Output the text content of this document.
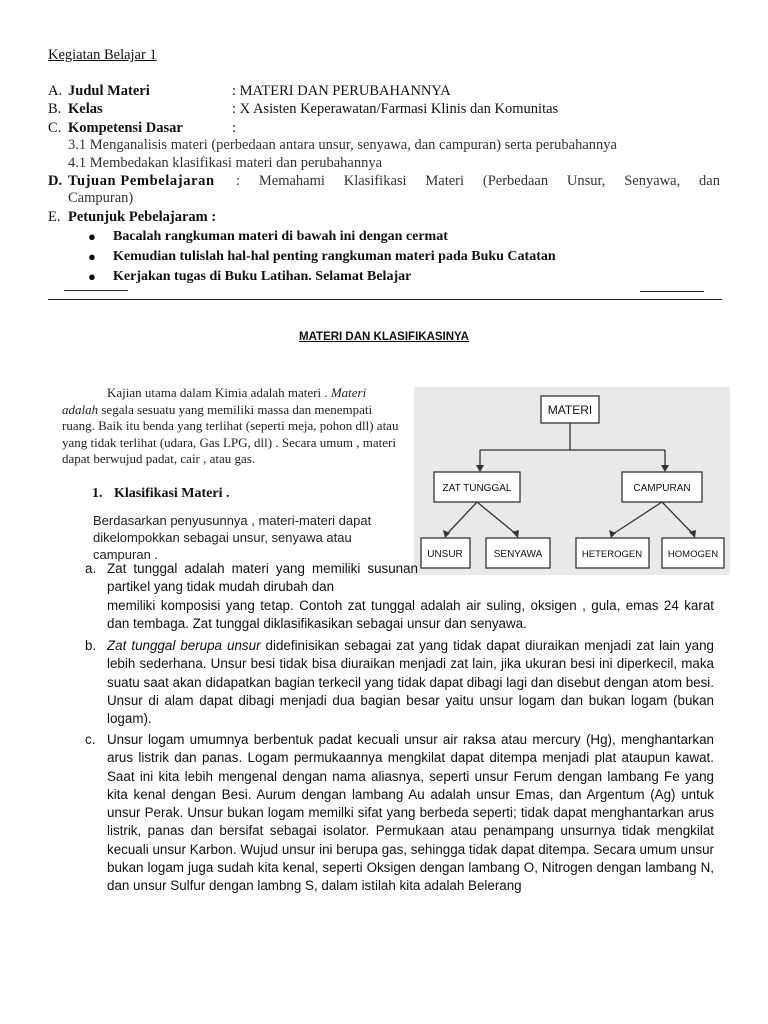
Kegiatan Belajar 1
A. Judul Materi	: MATERI DAN PERUBAHANNYA
B. Kelas	: X Asisten Keperawatan/Farmasi Klinis dan Komunitas
C. Kompetensi Dasar	:
3.1 Menganalisis materi (perbedaan antara unsur, senyawa, dan campuran) serta perubahannya
4.1 Membedakan klasifikasi materi dan perubahannya
D. Tujuan Pembelajaran : Memahami Klasifikasi Materi (Perbedaan Unsur, Senyawa, dan
Campuran)
E. Petunjuk Pebelajaram :
● Bacalah rangkuman materi di bawah ini dengan cermat
● Kemudian tulislah hal-hal penting rangkuman materi pada Buku Catatan
● Kerjakan tugas di Buku Latihan. Selamat Belajar
MATERI DAN KLASIFIKASINYA

Kajian utama dalam Kimia adalah materi . Materi adalah segala sesuatu yang memiliki massa dan menempati ruang. Baik itu benda yang terlihat (seperti meja, pohon dll) atau yang tidak terlihat (udara, Gas LPG, dll) . Secara umum , materi dapat berwujud padat, cair , atau gas.

1. Klasifikasi Materi .
Berdasarkan penyusunnya , materi-materi dapat dikelompokkan sebagai unsur, senyawa atau campuran .
MATERI
ZAT TUNGGAL	CAMPURAN
UNSUR	SENYAWA	HETEROGEN	HOMOGEN
a. Zat tunggal adalah materi yang memiliki susunan partikel yang tidak mudah dirubah dan
memiliki komposisi yang tetap. Contoh zat tunggal adalah air suling, oksigen , gula, emas 24 karat dan tembaga. Zat tunggal diklasifikasikan sebagai unsur dan senyawa.
b. Zat tunggal berupa unsur didefinisikan sebagai zat yang tidak dapat diuraikan menjadi zat lain yang lebih sederhana. Unsur besi tidak bisa diuraikan menjadi zat lain, jika ukuran besi ini diperkecil, maka suatu saat akan didapatkan bagian terkecil yang tidak dapat dibagi lagi dan disebut dengan atom besi. Unsur di alam dapat dibagi menjadi dua bagian besar yaitu unsur logam dan bukan logam (bukan logam).
c. Unsur logam umumnya berbentuk padat kecuali unsur air raksa atau mercury (Hg), menghantarkan arus listrik dan panas. Logam permukaannya mengkilat dapat ditempa menjadi plat ataupun kawat. Saat ini kita lebih mengenal dengan nama aliasnya, seperti unsur Ferum dengan lambang Fe yang kita kenal dengan Besi. Aurum dengan lambang Au adalah unsur Emas, dan Argentum (Ag) untuk unsur Perak. Unsur bukan logam memilki sifat yang berbeda seperti; tidak dapat menghantarkan arus listrik, panas dan bersifat sebagai isolator. Permukaan atau penampang unsurnya tidak mengkilat kecuali unsur Karbon. Wujud unsur ini berupa gas, sehingga tidak dapat ditempa. Secara umum unsur bukan logam juga sudah kita kenal, seperti Oksigen dengan lambang O, Nitrogen dengan lambang N, dan unsur Sulfur dengan lambng S, dalam istilah kita adalah Belerang
